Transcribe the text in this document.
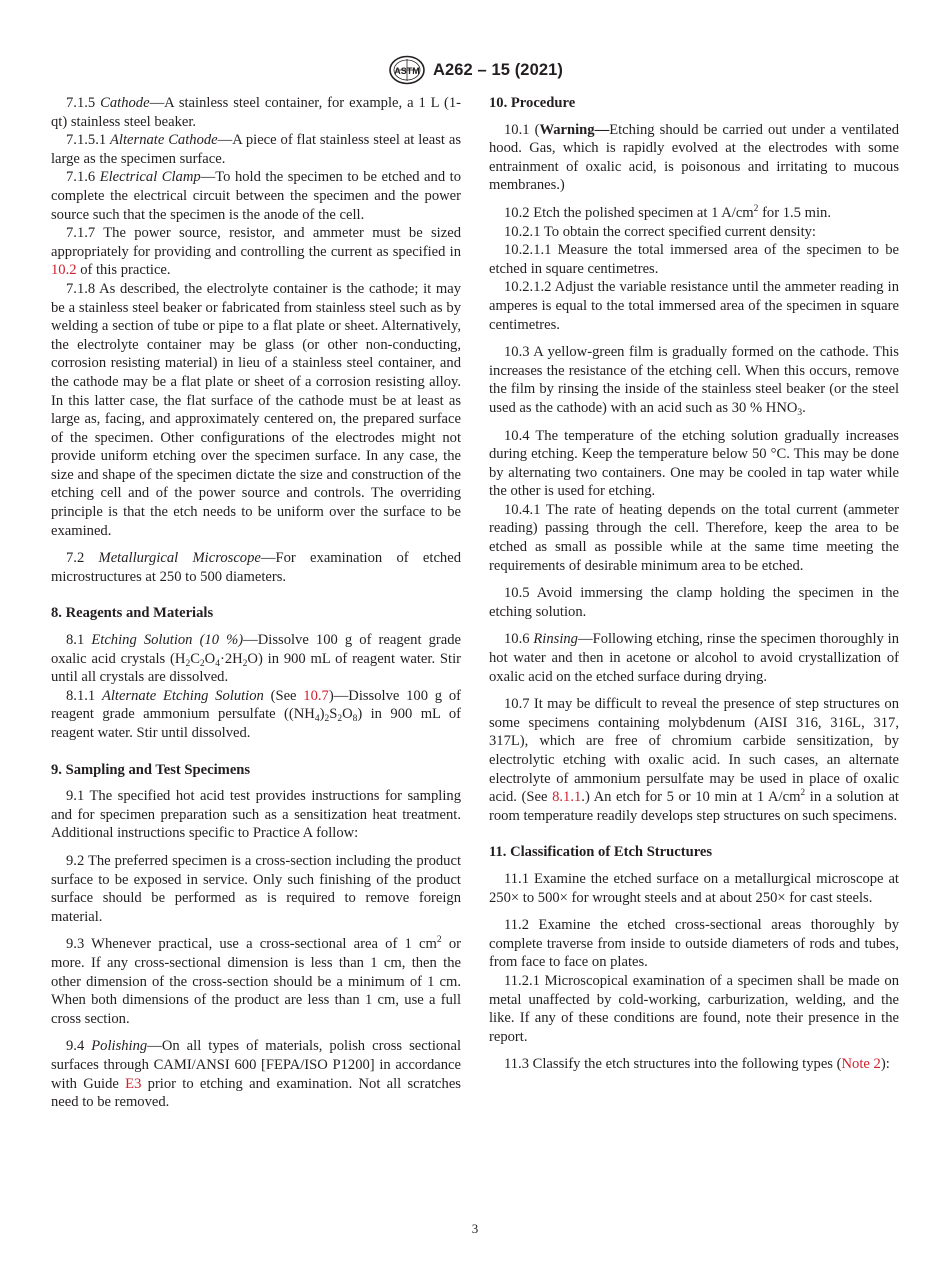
ASTM A262 – 15 (2021)

7.1.5 Cathode—A stainless steel container, for example, a 1 L (1-qt) stainless steel beaker.

7.1.5.1 Alternate Cathode—A piece of flat stainless steel at least as large as the specimen surface.

7.1.6 Electrical Clamp—To hold the specimen to be etched and to complete the electrical circuit between the specimen and the power source such that the specimen is the anode of the cell.

7.1.7 The power source, resistor, and ammeter must be sized appropriately for providing and controlling the current as specified in 10.2 of this practice.

7.1.8 As described, the electrolyte container is the cathode; it may be a stainless steel beaker or fabricated from stainless steel such as by welding a section of tube or pipe to a flat plate or sheet. Alternatively, the electrolyte container may be glass (or other non-conducting, corrosion resisting material) in lieu of a stainless steel container, and the cathode may be a flat plate or sheet of a corrosion resisting alloy. In this latter case, the flat surface of the cathode must be at least as large as, facing, and approximately centered on, the prepared surface of the specimen. Other configurations of the electrodes might not provide uniform etching over the specimen surface. In any case, the size and shape of the specimen dictate the size and construction of the etching cell and of the power source and controls. The overriding principle is that the etch needs to be uniform over the surface to be examined.

7.2 Metallurgical Microscope—For examination of etched microstructures at 250 to 500 diameters.

8. Reagents and Materials

8.1 Etching Solution (10 %)—Dissolve 100 g of reagent grade oxalic acid crystals $(H_2C_2O_4\cdot 2H_2O)$ in 900 mL of reagent water. Stir until all crystals are dissolved.

8.1.1 Alternate Etching Solution (See 10.7)—Dissolve 100 g of reagent grade ammonium persulfate $((NH_4)_2S_2O_8)$ in 900 mL of reagent water. Stir until dissolved.

9. Sampling and Test Specimens

9.1 The specified hot acid test provides instructions for sampling and for specimen preparation such as a sensitization heat treatment. Additional instructions specific to Practice A follow:

9.2 The preferred specimen is a cross-section including the product surface to be exposed in service. Only such finishing of the product surface should be performed as is required to remove foreign material.

9.3 Whenever practical, use a cross-sectional area of 1 $cm^2$ or more. If any cross-sectional dimension is less than 1 cm, then the other dimension of the cross-section should be a minimum of 1 cm. When both dimensions of the product are less than 1 cm, use a full cross section.

9.4 Polishing—On all types of materials, polish cross sectional surfaces through CAMI/ANSI 600 [FEPA/ISO P1200] in accordance with Guide E3 prior to etching and examination. Not all scratches need to be removed.

10. Procedure

10.1 (Warning—Etching should be carried out under a ventilated hood. Gas, which is rapidly evolved at the electrodes with some entrainment of oxalic acid, is poisonous and irritating to mucous membranes.)

10.2 Etch the polished specimen at 1 $A/cm^2$ for 1.5 min.

10.2.1 To obtain the correct specified current density:

10.2.1.1 Measure the total immersed area of the specimen to be etched in square centimetres.

10.2.1.2 Adjust the variable resistance until the ammeter reading in amperes is equal to the total immersed area of the specimen in square centimetres.

10.3 A yellow-green film is gradually formed on the cathode. This increases the resistance of the etching cell. When this occurs, remove the film by rinsing the inside of the stainless steel beaker (or the steel used as the cathode) with an acid such as 30 % $HNO_3$.

10.4 The temperature of the etching solution gradually increases during etching. Keep the temperature below 50 °C. This may be done by alternating two containers. One may be cooled in tap water while the other is used for etching.

10.4.1 The rate of heating depends on the total current (ammeter reading) passing through the cell. Therefore, keep the area to be etched as small as possible while at the same time meeting the requirements of desirable minimum area to be etched.

10.5 Avoid immersing the clamp holding the specimen in the etching solution.

10.6 Rinsing—Following etching, rinse the specimen thoroughly in hot water and then in acetone or alcohol to avoid crystallization of oxalic acid on the etched surface during drying.

10.7 It may be difficult to reveal the presence of step structures on some specimens containing molybdenum (AISI 316, 316L, 317, 317L), which are free of chromium carbide sensitization, by electrolytic etching with oxalic acid. In such cases, an alternate electrolyte of ammonium persulfate may be used in place of oxalic acid. (See 8.1.1.) An etch for 5 or 10 min at 1 $A/cm^2$ in a solution at room temperature readily develops step structures on such specimens.

11. Classification of Etch Structures

11.1 Examine the etched surface on a metallurgical microscope at 250× to 500× for wrought steels and at about 250× for cast steels.

11.2 Examine the etched cross-sectional areas thoroughly by complete traverse from inside to outside diameters of rods and tubes, from face to face on plates.

11.2.1 Microscopical examination of a specimen shall be made on metal unaffected by cold-working, carburization, welding, and the like. If any of these conditions are found, note their presence in the report.

11.3 Classify the etch structures into the following types (Note 2):

3
